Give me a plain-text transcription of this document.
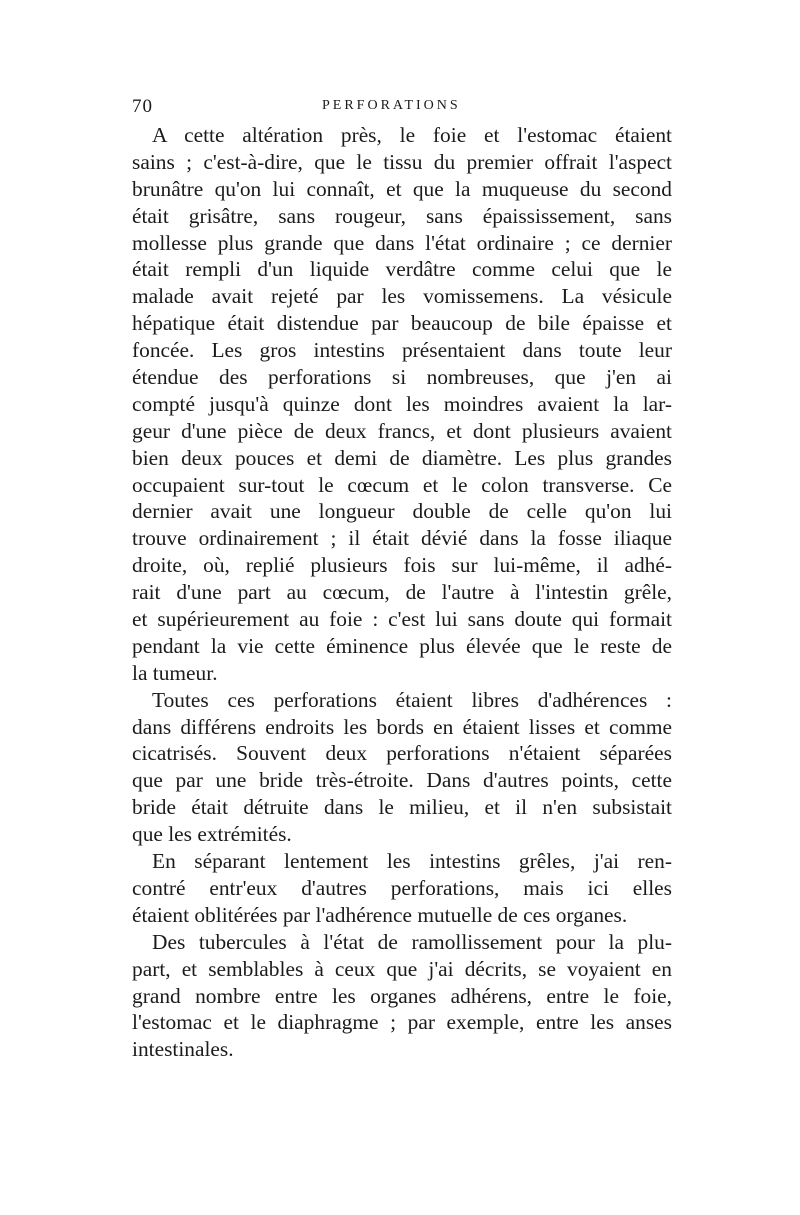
70	PERFORATIONS
A cette altération près, le foie et l'estomac étaient
sains ; c'est-à-dire, que le tissu du premier offrait l'aspect
brunâtre qu'on lui connaît, et que la muqueuse du second
était grisâtre, sans rougeur, sans épaississement, sans
mollesse plus grande que dans l'état ordinaire ; ce dernier
était rempli d'un liquide verdâtre comme celui que le
malade avait rejeté par les vomissemens. La vésicule
hépatique était distendue par beaucoup de bile épaisse et
foncée. Les gros intestins présentaient dans toute leur
étendue des perforations si nombreuses, que j'en ai
compté jusqu'à quinze dont les moindres avaient la lar-
geur d'une pièce de deux francs, et dont plusieurs avaient
bien deux pouces et demi de diamètre. Les plus grandes
occupaient sur-tout le cœcum et le colon transverse. Ce
dernier avait une longueur double de celle qu'on lui
trouve ordinairement ; il était dévié dans la fosse iliaque
droite, où, replié plusieurs fois sur lui-même, il adhé-
rait d'une part au cœcum, de l'autre à l'intestin grêle,
et supérieurement au foie : c'est lui sans doute qui formait
pendant la vie cette éminence plus élevée que le reste de
la tumeur.
Toutes ces perforations étaient libres d'adhérences :
dans différens endroits les bords en étaient lisses et comme
cicatrisés. Souvent deux perforations n'étaient séparées
que par une bride très-étroite. Dans d'autres points, cette
bride était détruite dans le milieu, et il n'en subsistait
que les extrémités.
En séparant lentement les intestins grêles, j'ai ren-
contré entr'eux d'autres perforations, mais ici elles
étaient oblitérées par l'adhérence mutuelle de ces organes.
Des tubercules à l'état de ramollissement pour la plu-
part, et semblables à ceux que j'ai décrits, se voyaient en
grand nombre entre les organes adhérens, entre le foie,
l'estomac et le diaphragme ; par exemple, entre les anses
intestinales.
